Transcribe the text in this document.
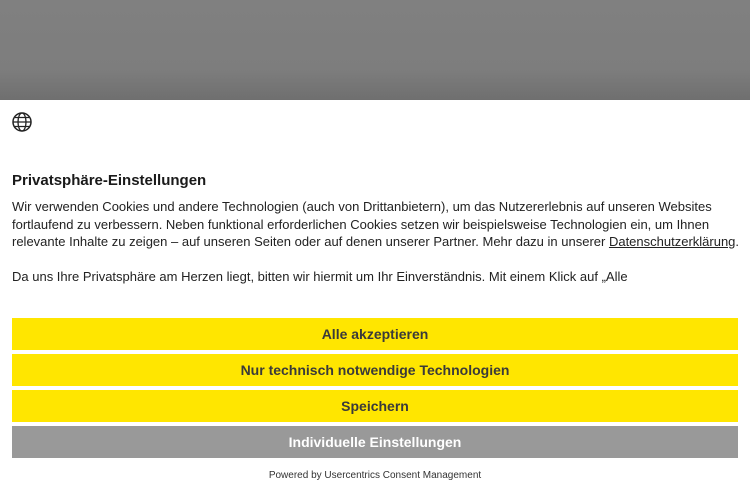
Privatsphäre-Einstellungen

Wir verwenden Cookies und andere Technologien (auch von Drittanbietern), um das Nutzererlebnis auf unseren Websites fortlaufend zu verbessern. Neben funktional erforderlichen Cookies setzen wir beispielsweise Technologien ein, um Ihnen relevante Inhalte zu zeigen – auf unseren Seiten oder auf denen unserer Partner. Mehr dazu in unserer Datenschutzerklärung.

Da uns Ihre Privatsphäre am Herzen liegt, bitten wir hiermit um Ihr Einverständnis. Mit einem Klick auf „Alle

Alle akzeptieren
Nur technisch notwendige Technologien
Speichern
Individuelle Einstellungen
Powered by Usercentrics Consent Management
